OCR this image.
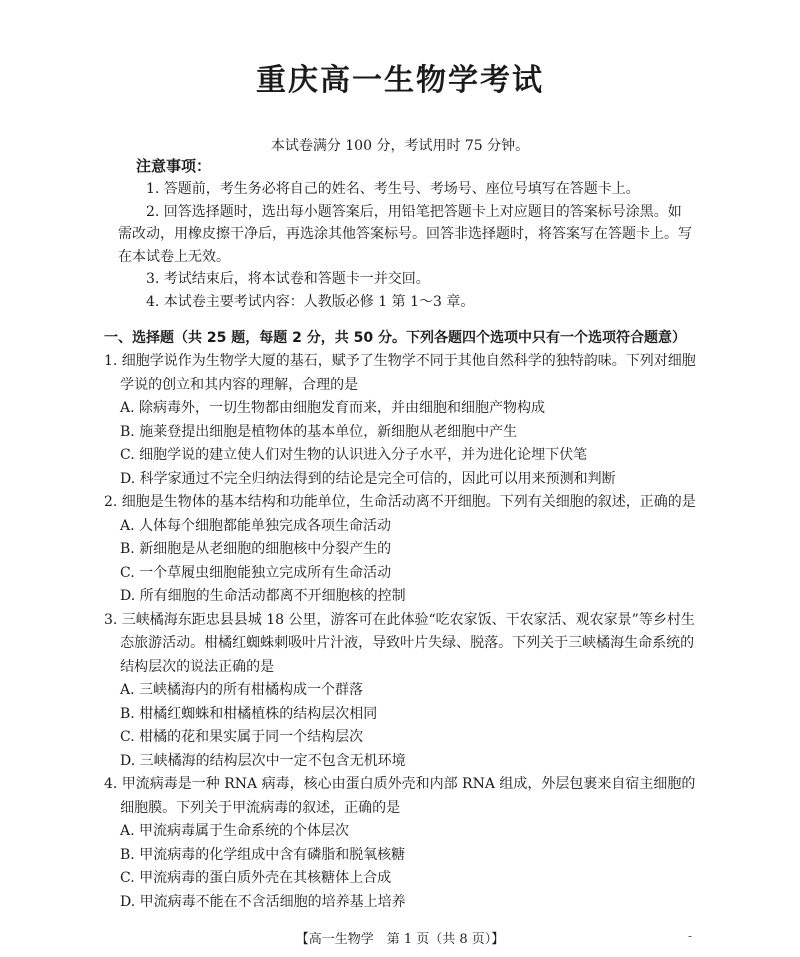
重庆高一生物学考试
本试卷满分 100 分，考试用时 75 分钟。
注意事项：

1. 答题前，考生务必将自己的姓名、考生号、考场号、座位号填写在答题卡上。

2. 回答选择题时，选出每小题答案后，用铅笔把答题卡上对应题目的答案标号涂黑。如需改动，用橡皮擦干净后，再选涂其他答案标号。回答非选择题时，将答案写在答题卡上。写在本试卷上无效。

3. 考试结束后，将本试卷和答题卡一并交回。

4. 本试卷主要考试内容：人教版必修 1 第 1～3 章。

一、选择题（共 25 题，每题 2 分，共 50 分。下列各题四个选项中只有一个选项符合题意）

1. 细胞学说作为生物学大厦的基石，赋予了生物学不同于其他自然科学的独特韵味。下列对细胞学说的创立和其内容的理解，合理的是

A. 除病毒外，一切生物都由细胞发育而来，并由细胞和细胞产物构成

B. 施莱登提出细胞是植物体的基本单位，新细胞从老细胞中产生

C. 细胞学说的建立使人们对生物的认识进入分子水平，并为进化论埋下伏笔

D. 科学家通过不完全归纳法得到的结论是完全可信的，因此可以用来预测和判断

2. 细胞是生物体的基本结构和功能单位，生命活动离不开细胞。下列有关细胞的叙述，正确的是

A. 人体每个细胞都能单独完成各项生命活动

B. 新细胞是从老细胞的细胞核中分裂产生的

C. 一个草履虫细胞能独立完成所有生命活动

D. 所有细胞的生命活动都离不开细胞核的控制

3. 三峡橘海东距忠县县城 18 公里，游客可在此体验“吃农家饭、干农家活、观农家景”等乡村生态旅游活动。柑橘红蜘蛛刺吸叶片汁液，导致叶片失绿、脱落。下列关于三峡橘海生命系统的结构层次的说法正确的是

A. 三峡橘海内的所有柑橘构成一个群落

B. 柑橘红蜘蛛和柑橘植株的结构层次相同

C. 柑橘的花和果实属于同一个结构层次

D. 三峡橘海的结构层次中一定不包含无机环境

4. 甲流病毒是一种 RNA 病毒，核心由蛋白质外壳和内部 RNA 组成，外层包裹来自宿主细胞的细胞膜。下列关于甲流病毒的叙述，正确的是

A. 甲流病毒属于生命系统的个体层次

B. 甲流病毒的化学组成中含有磷脂和脱氧核糖

C. 甲流病毒的蛋白质外壳在其核糖体上合成

D. 甲流病毒不能在不含活细胞的培养基上培养

【高一生物学　第 1 页（共 8 页）】	-
